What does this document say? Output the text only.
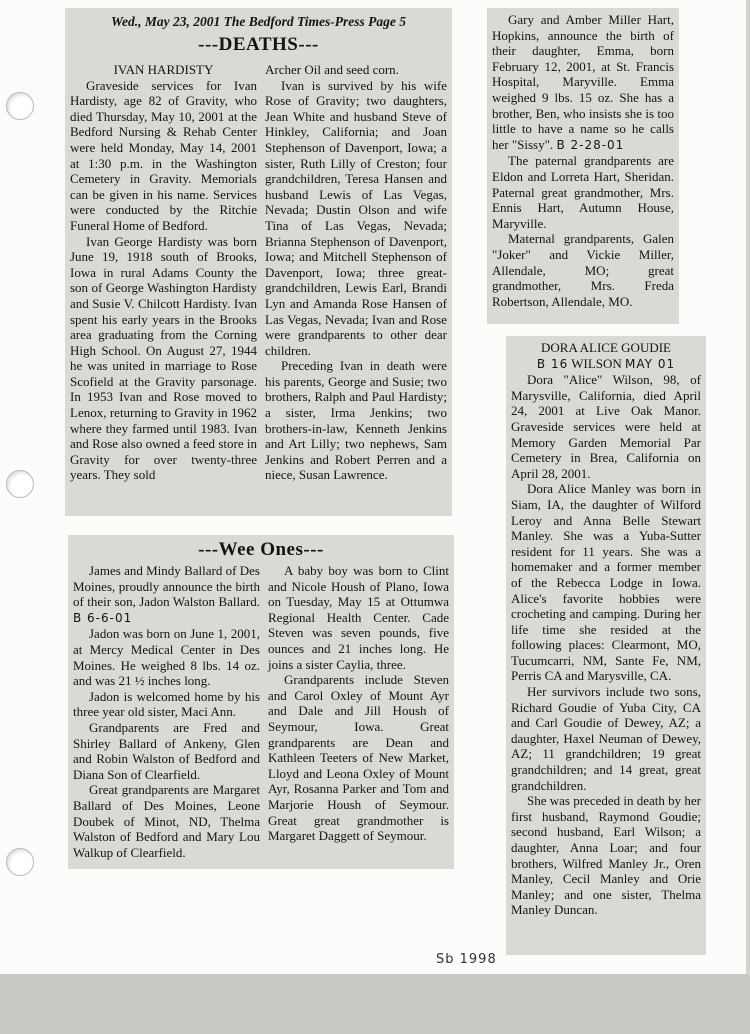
Wed., May 23, 2001 The Bedford Times-Press Page 5
---DEATHS---
IVAN HARDISTY

Graveside services for Ivan Hardisty, age 82 of Gravity, who died Thursday, May 10, 2001 at the Bedford Nursing & Rehab Center were held Monday, May 14, 2001 at 1:30 p.m. in the Washington Cemetery in Gravity. Memorials can be given in his name. Services were conducted by the Ritchie Funeral Home of Bedford.

Ivan George Hardisty was born June 19, 1918 south of Brooks, Iowa in rural Adams County the son of George Washington Hardisty and Susie V. Chilcott Hardisty. Ivan spent his early years in the Brooks area graduating from the Corning High School. On August 27, 1944 he was united in marriage to Rose Scofield at the Gravity parsonage. In 1953 Ivan and Rose moved to Lenox, returning to Gravity in 1962 where they farmed until 1983. Ivan and Rose also owned a feed store in Gravity for over twenty-three years. They sold

Archer Oil and seed corn.

Ivan is survived by his wife Rose of Gravity; two daughters, Jean White and husband Steve of Hinkley, California; and Joan Stephenson of Davenport, Iowa; a sister, Ruth Lilly of Creston; four grandchildren, Teresa Hansen and husband Lewis of Las Vegas, Nevada; Dustin Olson and wife Tina of Las Vegas, Nevada; Brianna Stephenson of Davenport, Iowa; and Mitchell Stephenson of Davenport, Iowa; three great-grandchildren, Lewis Earl, Brandi Lyn and Amanda Rose Hansen of Las Vegas, Nevada; Ivan and Rose were grandparents to other dear children.

Preceding Ivan in death were his parents, George and Susie; two brothers, Ralph and Paul Hardisty; a sister, Irma Jenkins; two brothers-in-law, Kenneth Jenkins and Art Lilly; two nephews, Sam Jenkins and Robert Perren and a niece, Susan Lawrence.

---Wee Ones---

James and Mindy Ballard of Des Moines, proudly announce the birth of their son, Jadon Walston Ballard. B 6-6-01

Jadon was born on June 1, 2001, at Mercy Medical Center in Des Moines. He weighed 8 lbs. 14 oz. and was 21 ½ inches long.

Jadon is welcomed home by his three year old sister, Maci Ann.

Grandparents are Fred and Shirley Ballard of Ankeny, Glen and Robin Walston of Bedford and Diana Son of Clearfield.

Great grandparents are Margaret Ballard of Des Moines, Leone Doubek of Minot, ND, Thelma Walston of Bedford and Mary Lou Walkup of Clearfield.

A baby boy was born to Clint and Nicole Housh of Plano, Iowa on Tuesday, May 15 at Ottumwa Regional Health Center. Cade Steven was seven pounds, five ounces and 21 inches long. He joins a sister Caylia, three.

Grandparents include Steven and Carol Oxley of Mount Ayr and Dale and Jill Housh of Seymour, Iowa. Great grandparents are Dean and Kathleen Teeters of New Market, Lloyd and Leona Oxley of Mount Ayr, Rosanna Parker and Tom and Marjorie Housh of Seymour. Great great grandmother is Margaret Daggett of Seymour.

Gary and Amber Miller Hart, Hopkins, announce the birth of their daughter, Emma, born February 12, 2001, at St. Francis Hospital, Maryville. Emma weighed 9 lbs. 15 oz. She has a brother, Ben, who insists she is too little to have a name so he calls her "Sissy". B 2-28-01

The paternal grandparents are Eldon and Lorreta Hart, Sheridan. Paternal great grandmother, Mrs. Ennis Hart, Autumn House, Maryville.

Maternal grandparents, Galen "Joker" and Vickie Miller, Allendale, MO; great grandmother, Mrs. Freda Robertson, Allendale, MO.

DORA ALICE GOUDIE
B 16 WILSON MAY 01

Dora "Alice" Wilson, 98, of Marysville, California, died April 24, 2001 at Live Oak Manor. Graveside services were held at Memory Garden Memorial Par Cemetery in Brea, California on April 28, 2001.

Dora Alice Manley was born in Siam, IA, the daughter of Wilford Leroy and Anna Belle Stewart Manley. She was a Yuba-Sutter resident for 11 years. She was a homemaker and a former member of the Rebecca Lodge in Iowa. Alice's favorite hobbies were crocheting and camping. During her life time she resided at the following places: Clearmont, MO, Tucumcarri, NM, Sante Fe, NM, Perris CA and Marysville, CA.

Her survivors include two sons, Richard Goudie of Yuba City, CA and Carl Goudie of Dewey, AZ; a daughter, Haxel Neuman of Dewey, AZ; 11 grandchildren; 19 great grandchildren; and 14 great, great grandchildren.

She was preceded in death by her first husband, Raymond Goudie; second husband, Earl Wilson; a daughter, Anna Loar; and four brothers, Wilfred Manley Jr., Oren Manley, Cecil Manley and Orie Manley; and one sister, Thelma Manley Duncan.

Sb 1998
